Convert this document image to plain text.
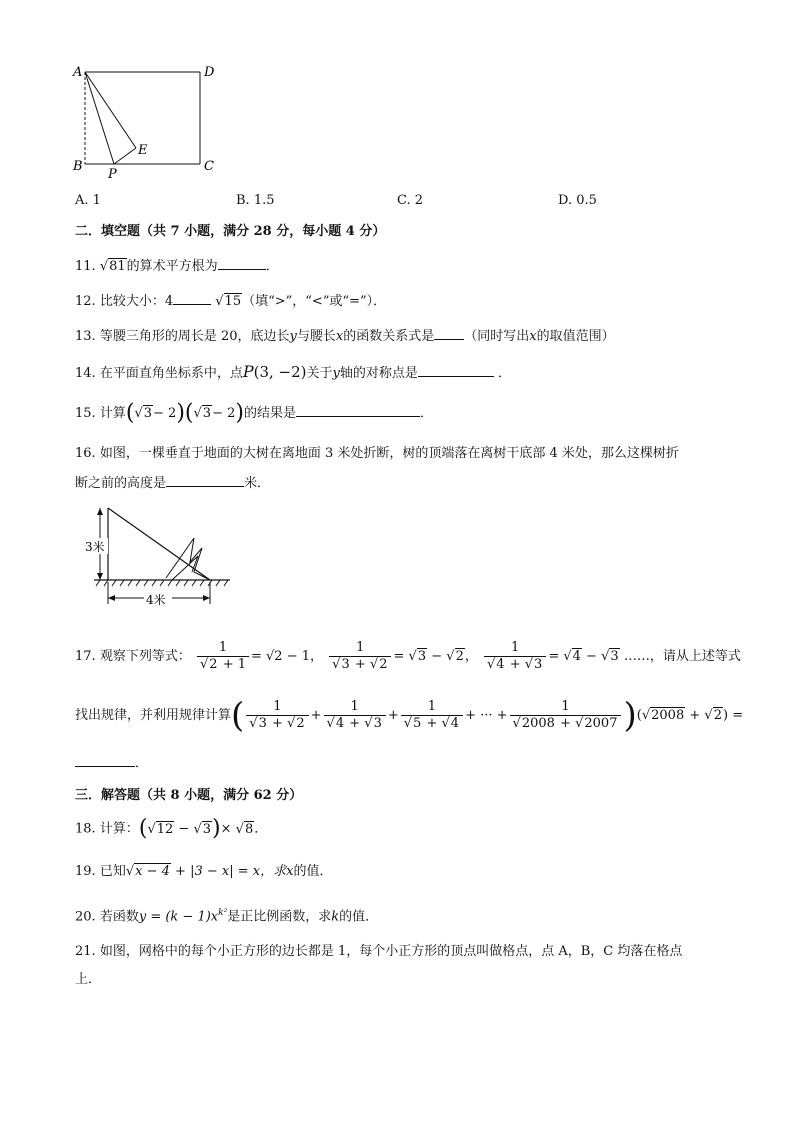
A	D
B	C
E
P
A. 1	B. 1.5	C. 2	D. 0.5
二．填空题（共 7 小题，满分 28 分，每小题 4 分）
11. √81的算术平方根为	．
12. 比较大小：4	√15（填“>”，“<”或“=”）．
13. 等腰三角形的周长是 20，底边长y与腰长x的函数关系式是 （同时写出x的取值范围）
14. 在平面直角坐标系中，点P(3, −2)关于y轴的对称点是	．
15. 计算(√3− 2)(√3− 2)的结果是	．
16. 如图，一棵垂直于地面的大树在离地面 3 米处折断，树的顶端落在离树干底部 4 米处，那么这棵树折
断之前的高度是	米．
3米
4米
17. 观察下列等式： $\frac{1}{√2 + 1} = √2 - 1$， $\frac{1}{√3 + √2} = √3 - √2$， $\frac{1}{√4 + √3} = √4 - √3$ ……，请从上述等式
找出规律，并利用规律计算( $\frac{1}{√3 + √2} + \frac{1}{√4 + √3} + \frac{1}{√5 + √4}$ + ··· + $\frac{1}{√2008 + √2007} )(√2008 + √2)$ =
．
三．解答题（共 8 小题，满分 62 分）
18. 计算：(√12 − √3)× √8．
19. 已知√x − 4 + |3 − x| = x，求x的值．
20. 若函数$y = (k - 1)x^{k^2}$是正比例函数，求k的值．
21. 如图，网格中的每个小正方形的边长都是 1，每个小正方形的顶点叫做格点，点 A，B，C 均落在格点
上．
